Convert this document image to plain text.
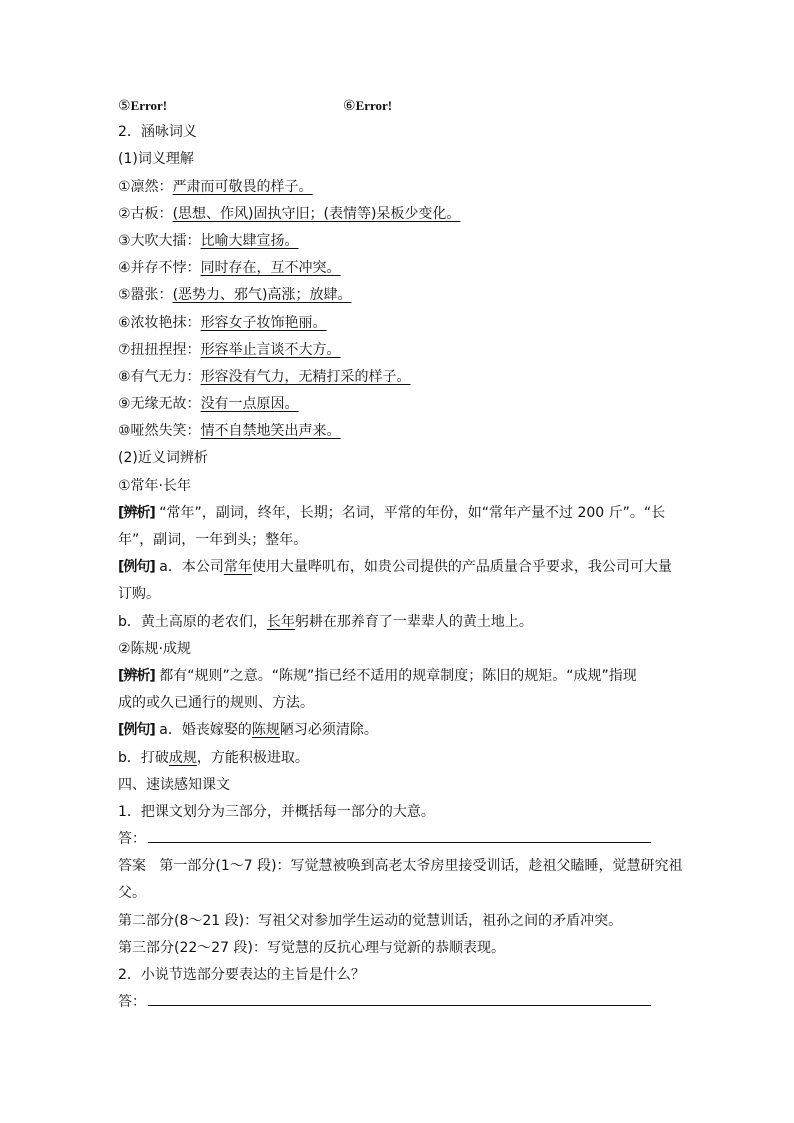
⑤Error!	⑥Error!
2．涵咏词义
(1)词义理解
①凛然：严肃而可敬畏的样子。
②古板：(思想、作风)固执守旧；(表情等)呆板少变化。
③大吹大擂：比喻大肆宣扬。
④并存不悖：同时存在，互不冲突。
⑤嚣张：(恶势力、邪气)高涨；放肆。
⑥浓妆艳抹：形容女子妆饰艳丽。
⑦扭扭捏捏：形容举止言谈不大方。
⑧有气无力：形容没有气力，无精打采的样子。
⑨无缘无故：没有一点原因。
⑩哑然失笑：情不自禁地笑出声来。
(2)近义词辨析
①常年·长年
[辨析] “常年”，副词，终年，长期；名词，平常的年份，如“常年产量不过 200 斤”。“长
年”，副词，一年到头；整年。
[例句] a．本公司常年使用大量哔叽布，如贵公司提供的产品质量合乎要求，我公司可大量
订购。
b．黄土高原的老农们，长年躬耕在那养育了一辈辈人的黄土地上。
②陈规·成规
[辨析] 都有“规则”之意。“陈规”指已经不适用的规章制度；陈旧的规矩。“成规”指现
成的或久已通行的规则、方法。
[例句] a．婚丧嫁娶的陈规陋习必须清除。
b．打破成规，方能积极进取。
四、速读感知课文
1．把课文划分为三部分，并概括每一部分的大意。
答：
答案 第一部分(1～7 段)：写觉慧被唤到高老太爷房里接受训话，趁祖父瞌睡，觉慧研究祖
父。
第二部分(8～21 段)：写祖父对参加学生运动的觉慧训话，祖孙之间的矛盾冲突。
第三部分(22～27 段)：写觉慧的反抗心理与觉新的恭顺表现。
2．小说节选部分要表达的主旨是什么？
答：
